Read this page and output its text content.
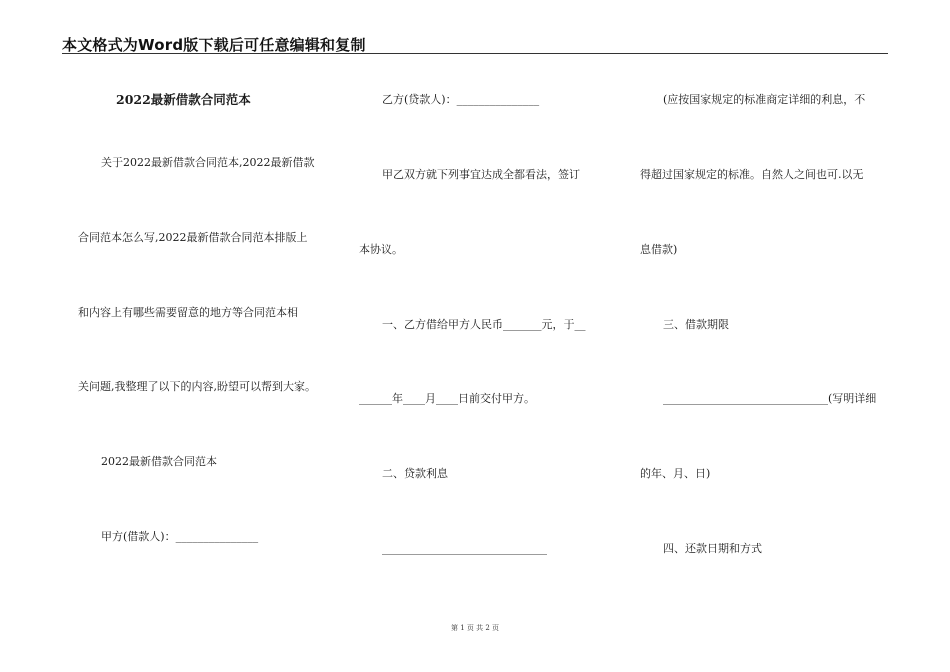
本文格式为Word版下载后可任意编辑和复制
2022最新借款合同范本
关于2022最新借款合同范本,2022最新借款
合同范本怎么写,2022最新借款合同范本排版上
和内容上有哪些需要留意的地方等合同范本相
关问题,我整理了以下的内容,盼望可以帮到大家。
2022最新借款合同范本
甲方(借款人)：_______________
乙方(贷款人)：_______________
甲乙双方就下列事宜达成全都看法，签订
本协议。
一、乙方借给甲方人民币_______元，于__
______年____月____日前交付甲方。
二、贷款利息
______________________________
(应按国家规定的标准商定详细的利息，不
得超过国家规定的标准。自然人之间也可.以无
息借款)
三、借款期限
______________________________(写明详细
的年、月、日)
四、还款日期和方式
第 1 页 共 2 页
